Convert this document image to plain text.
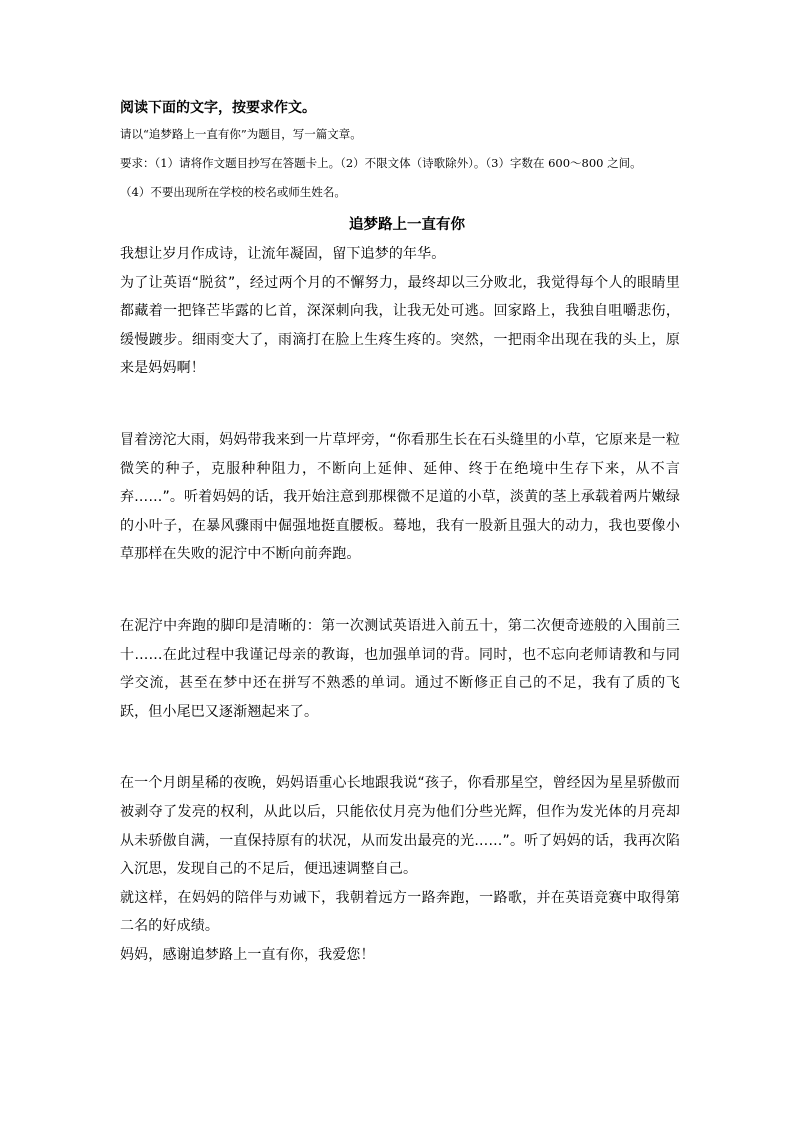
阅读下面的文字，按要求作文。

请以“追梦路上一直有你”为题目，写一篇文章。

要求：（1）请将作文题目抄写在答题卡上。（2）不限文体（诗歌除外）。（3）字数在 600～800 之间。

（4）不要出现所在学校的校名或师生姓名。

追梦路上一直有你

我想让岁月作成诗，让流年凝固，留下追梦的年华。

为了让英语“脱贫”，经过两个月的不懈努力，最终却以三分败北，我觉得每个人的眼睛里都藏着一把锋芒毕露的匕首，深深刺向我，让我无处可逃。回家路上，我独自咀嚼悲伤，缓慢踱步。细雨变大了，雨滴打在脸上生疼生疼的。突然，一把雨伞出现在我的头上，原来是妈妈啊！

冒着滂沱大雨，妈妈带我来到一片草坪旁，“你看那生长在石头缝里的小草，它原来是一粒微笑的种子，克服种种阻力，不断向上延伸、延伸、终于在绝境中生存下来，从不言弃……”。听着妈妈的话，我开始注意到那棵微不足道的小草，淡黄的茎上承载着两片嫩绿的小叶子，在暴风骤雨中倔强地挺直腰板。蓦地，我有一股新且强大的动力，我也要像小草那样在失败的泥泞中不断向前奔跑。

在泥泞中奔跑的脚印是清晰的：第一次测试英语进入前五十，第二次便奇迹般的入围前三十……在此过程中我谨记母亲的教诲，也加强单词的背。同时，也不忘向老师请教和与同学交流，甚至在梦中还在拼写不熟悉的单词。通过不断修正自己的不足，我有了质的飞跃，但小尾巴又逐渐翘起来了。

在一个月朗星稀的夜晚，妈妈语重心长地跟我说“孩子，你看那星空，曾经因为星星骄傲而被剥夺了发亮的权利，从此以后，只能依仗月亮为他们分些光辉，但作为发光体的月亮却从未骄傲自满，一直保持原有的状况，从而发出最亮的光……”。听了妈妈的话，我再次陷入沉思，发现自己的不足后，便迅速调整自己。

就这样，在妈妈的陪伴与劝诫下，我朝着远方一路奔跑，一路歌，并在英语竞赛中取得第二名的好成绩。

妈妈，感谢追梦路上一直有你，我爱您！
